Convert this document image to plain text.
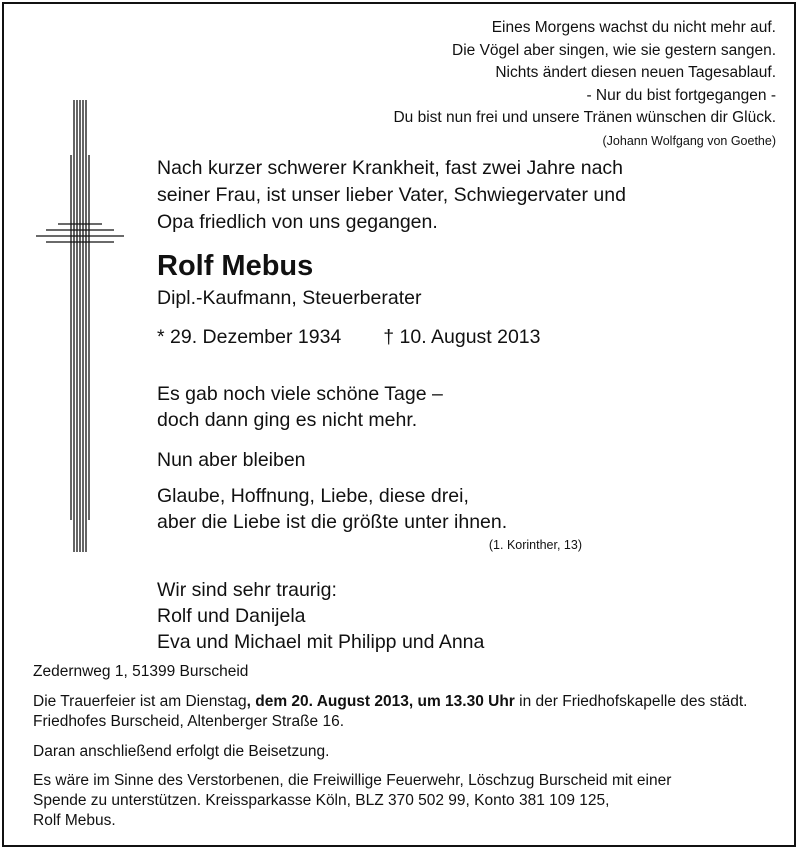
Eines Morgens wachst du nicht mehr auf.
Die Vögel aber singen, wie sie gestern sangen.
Nichts ändert diesen neuen Tagesablauf.
- Nur du bist fortgegangen -
Du bist nun frei und unsere Tränen wünschen dir Glück.
(Johann Wolfgang von Goethe)
Nach kurzer schwerer Krankheit, fast zwei Jahre nach
seiner Frau, ist unser lieber Vater, Schwiegervater und
Opa friedlich von uns gegangen.
Rolf Mebus
Dipl.-Kaufmann, Steuerberater
* 29. Dezember 1934 † 10. August 2013
Es gab noch viele schöne Tage –
doch dann ging es nicht mehr.
Nun aber bleiben
Glaube, Hoffnung, Liebe, diese drei,
aber die Liebe ist die größte unter ihnen.
(1. Korinther, 13)
Wir sind sehr traurig:
Rolf und Danijela
Eva und Michael mit Philipp und Anna

Zedernweg 1, 51399 Burscheid

Die Trauerfeier ist am Dienstag, dem 20. August 2013, um 13.30 Uhr in der Friedhofskapelle des städt. Friedhofes Burscheid, Altenberger Straße 16.

Daran anschließend erfolgt die Beisetzung.

Es wäre im Sinne des Verstorbenen, die Freiwillige Feuerwehr, Löschzug Burscheid mit einer
Spende zu unterstützen. Kreissparkasse Köln, BLZ 370 502 99, Konto 381 109 125,
Rolf Mebus.
